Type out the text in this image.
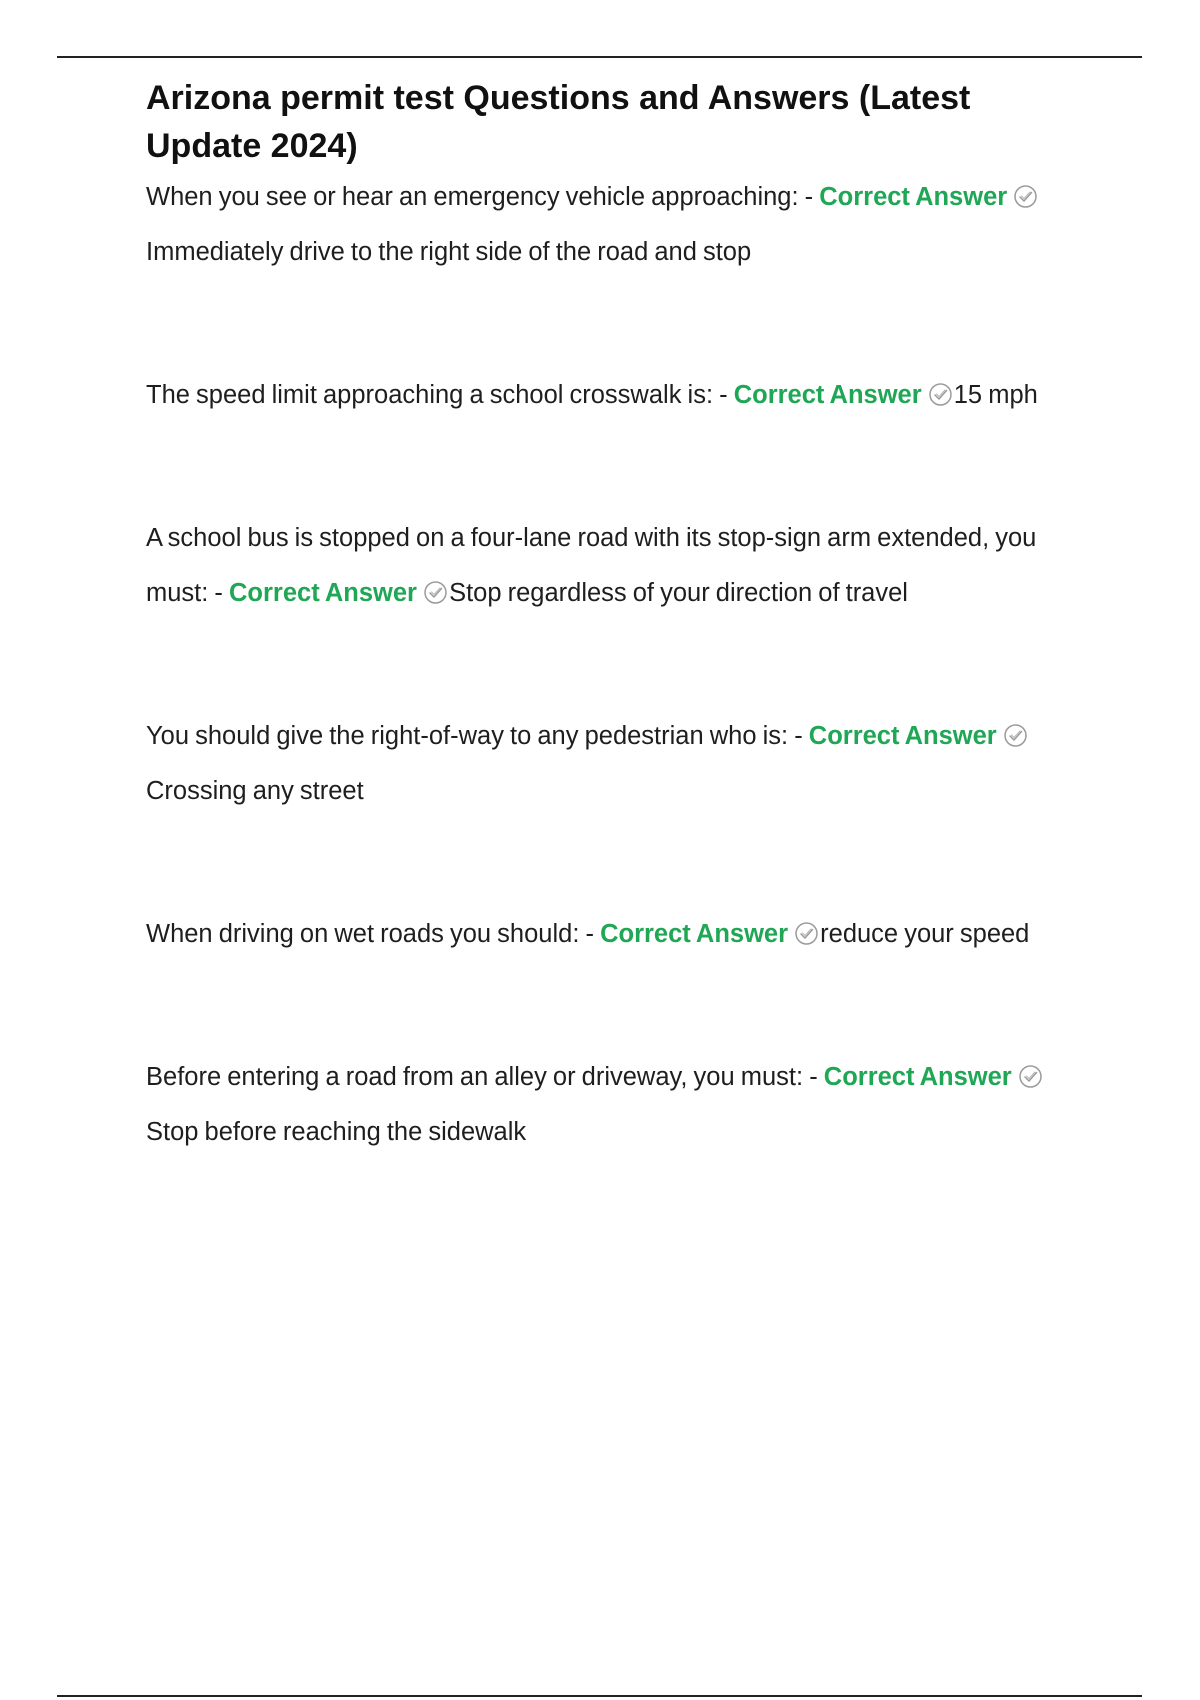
Arizona permit test Questions and Answers (Latest Update 2024)

When you see or hear an emergency vehicle approaching: - Correct Answer
Immediately drive to the right side of the road and stop

The speed limit approaching a school crosswalk is: - Correct Answer 15 mph

A school bus is stopped on a four-lane road with its stop-sign arm extended, you must: - Correct Answer Stop regardless of your direction of travel

You should give the right-of-way to any pedestrian who is: - Correct Answer
Crossing any street

When driving on wet roads you should: - Correct Answer reduce your speed

Before entering a road from an alley or driveway, you must: - Correct Answer
Stop before reaching the sidewalk
